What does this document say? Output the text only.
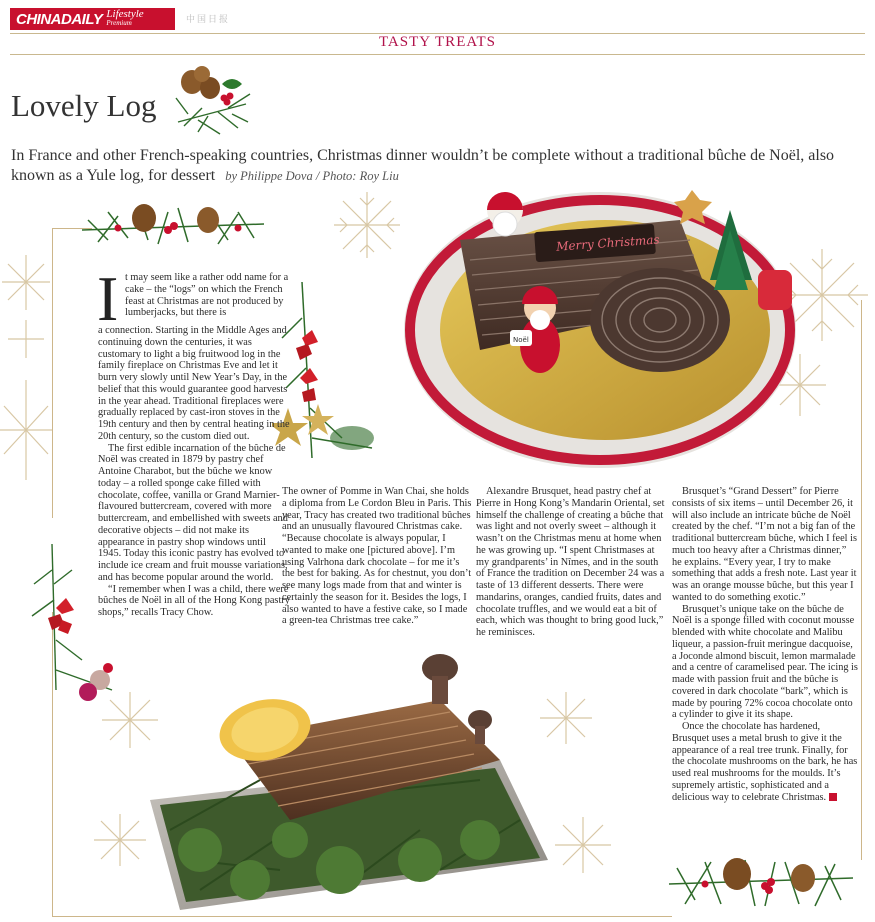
CHINADAILY Lifestyle
Premium	中国日报
TASTY TREATS
Lovely Log
In France and other French-speaking countries, Christmas dinner wouldn’t be complete without a traditional bûche de Noël, also known as a Yule log, for dessert by Philippe Dova / Photo: Roy Liu
Merry Christmas
Noël
I t may seem like a rather odd name for a cake – the “logs” on which the French feast at Christmas are not produced by lumberjacks, but there is

a connection. Starting in the Middle Ages and continuing down the centuries, it was customary to light a big fruitwood log in the family fireplace on Christmas Eve and let it burn very slowly until New Year’s Day, in the belief that this would guarantee good harvests in the year ahead. Traditional fireplaces were gradually replaced by cast-iron stoves in the 19th century and then by central heating in the 20th century, so the custom died out.

The first edible incarnation of the bûche de Noël was created in 1879 by pastry chef Antoine Charabot, but the bûche we know today – a rolled sponge cake filled with chocolate, coffee, vanilla or Grand Marnier-flavoured buttercream, covered with more buttercream, and embellished with sweets and decorative objects – did not make its appearance in pastry shop windows until 1945. Today this iconic pastry has evolved to include ice cream and fruit mousse variations, and has become popular around the world.

“I remember when I was a child, there were bûches de Noël in all of the Hong Kong pastry shops,” recalls Tracy Chow.

The owner of Pomme in Wan Chai, she holds a diploma from Le Cordon Bleu in Paris. This year, Tracy has created two traditional bûches and an unusually flavoured Christmas cake. “Because chocolate is always popular, I wanted to make one [pictured above]. I’m using Valrhona dark chocolate – for me it’s the best for baking. As for chestnut, you don’t see many logs made from that and winter is certainly the season for it. Besides the logs, I also wanted to have a festive cake, so I made a green-tea Christmas tree cake.”

Alexandre Brusquet, head pastry chef at Pierre in Hong Kong’s Mandarin Oriental, set himself the challenge of creating a bûche that was light and not overly sweet – although it wasn’t on the Christmas menu at home when he was growing up. “I spent Christmases at my grandparents’ in Nîmes, and in the south of France the tradition on December 24 was a taste of 13 different desserts. There were mandarins, oranges, candied fruits, dates and chocolate truffles, and we would eat a bit of each, which was thought to bring good luck,” he reminisces.

Brusquet’s “Grand Dessert” for Pierre consists of six items – until December 26, it will also include an intricate bûche de Noël created by the chef. “I’m not a big fan of the traditional buttercream bûche, which I feel is much too heavy after a Christmas dinner,” he explains. “Every year, I try to make something that adds a fresh note. Last year it was an orange mousse bûche, but this year I wanted to do something exotic.”

Brusquet’s unique take on the bûche de Noël is a sponge filled with coconut mousse blended with white chocolate and Malibu liqueur, a passion-fruit meringue dacquoise, a Joconde almond biscuit, lemon marmalade and a centre of caramelised pear. The icing is made with passion fruit and the bûche is covered in dark chocolate “bark”, which is made by pouring 72% cocoa chocolate onto a cylinder to give it its shape.

Once the chocolate has hardened, Brusquet uses a metal brush to give it the appearance of a real tree trunk. Finally, for the chocolate mushrooms on the bark, he has used real mushrooms for the moulds. It’s supremely artistic, sophisticated and a delicious way to celebrate Christmas.
